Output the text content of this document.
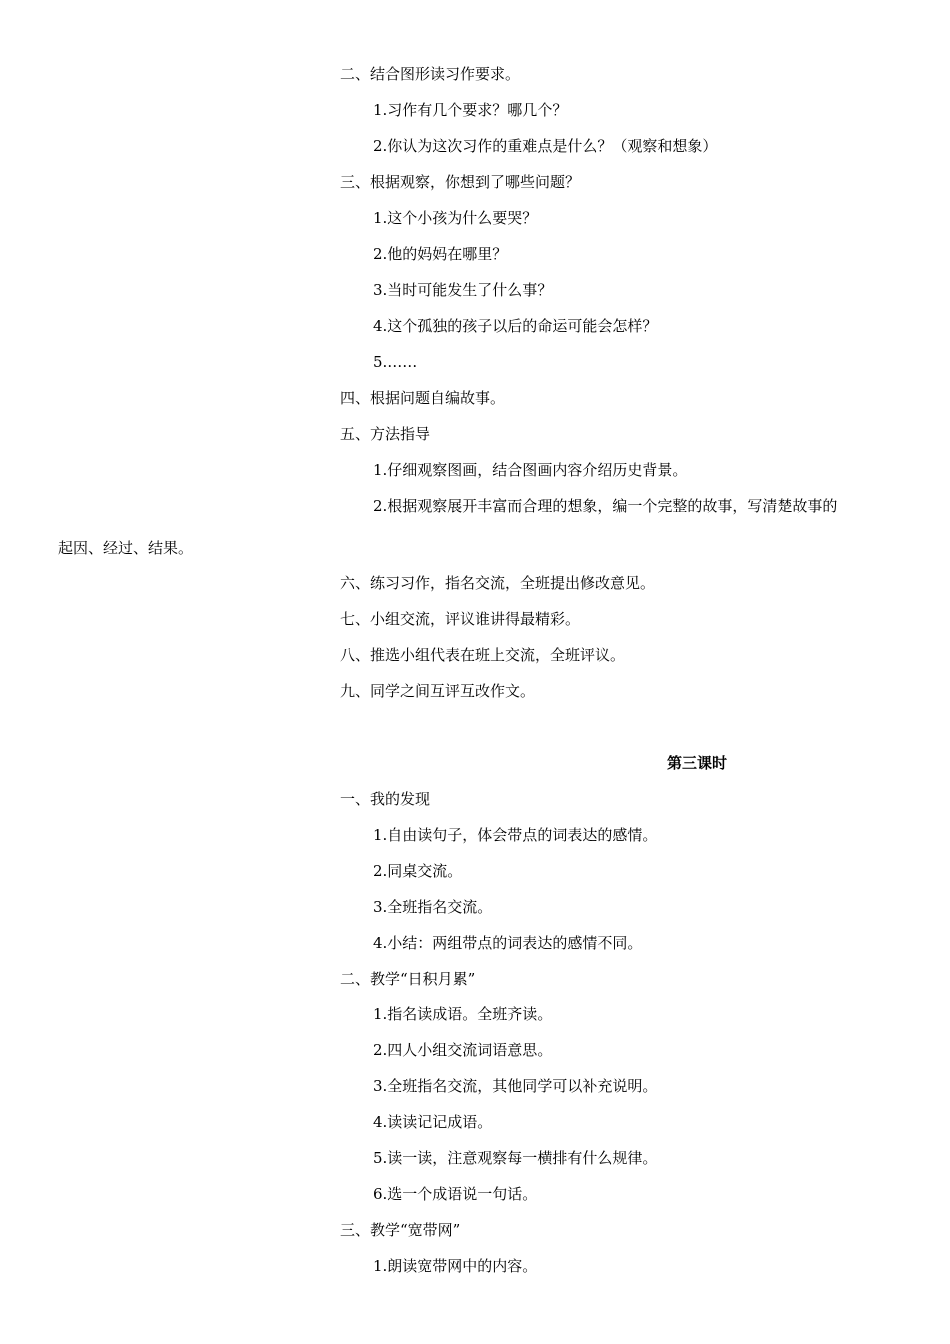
二、结合图形读习作要求。
1.习作有几个要求？哪几个？
2.你认为这次习作的重难点是什么？（观察和想象）
三、根据观察，你想到了哪些问题？
1.这个小孩为什么要哭？
2.他的妈妈在哪里？
3.当时可能发生了什么事？
4.这个孤独的孩子以后的命运可能会怎样？
5.……
四、根据问题自编故事。
五、方法指导
1.仔细观察图画，结合图画内容介绍历史背景。
2.根据观察展开丰富而合理的想象，编一个完整的故事，写清楚故事的
起因、经过、结果。
六、练习习作，指名交流，全班提出修改意见。
七、小组交流，评议谁讲得最精彩。
八、推选小组代表在班上交流，全班评议。
九、同学之间互评互改作文。
第三课时
一、我的发现
1.自由读句子，体会带点的词表达的感情。
2.同桌交流。
3.全班指名交流。
4.小结：两组带点的词表达的感情不同。
二、教学“日积月累”
1.指名读成语。全班齐读。
2.四人小组交流词语意思。
3.全班指名交流，其他同学可以补充说明。
4.读读记记成语。
5.读一读，注意观察每一横排有什么规律。
6.选一个成语说一句话。
三、教学“宽带网”
1.朗读宽带网中的内容。
